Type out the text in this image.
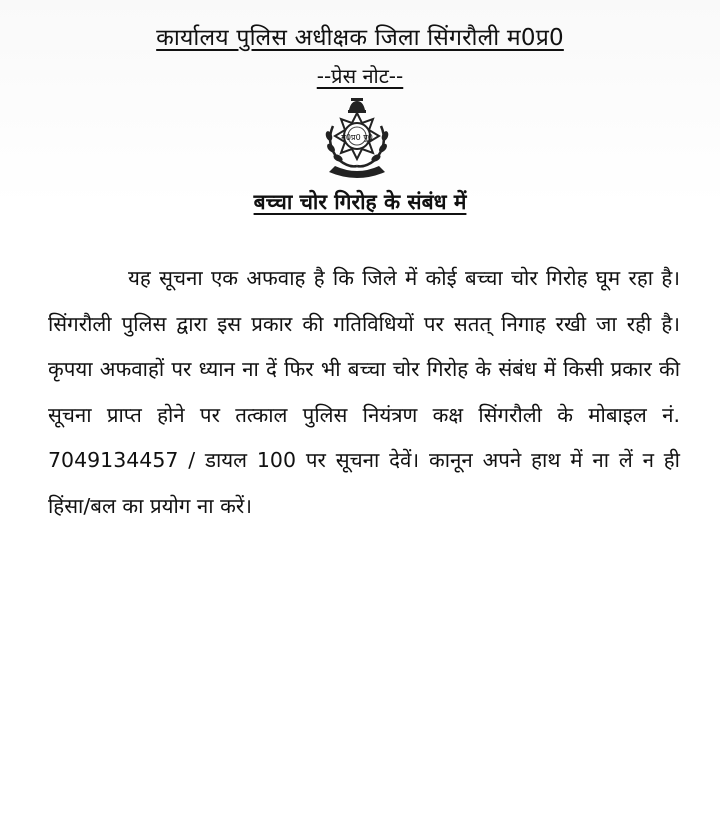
कार्यालय पुलिस अधीक्षक जिला सिंगरौली म0प्र0
--प्रेस नोट--
म0प्र0 पु0
बच्चा चोर गिरोह के संबंध में

यह सूचना एक अफवाह है कि जिले में कोई बच्चा चोर गिरोह घूम रहा है। सिंगरौली पुलिस द्वारा इस प्रकार की गतिविधियों पर सतत् निगाह रखी जा रही है। कृपया अफवाहों पर ध्यान ना दें फिर भी बच्चा चोर गिरोह के संबंध में किसी प्रकार की सूचना प्राप्त होने पर तत्काल पुलिस नियंत्रण कक्ष सिंगरौली के मोबाइल नं. 7049134457 / डायल 100 पर सूचना देवें। कानून अपने हाथ में ना लें न ही हिंसा/बल का प्रयोग ना करें।
